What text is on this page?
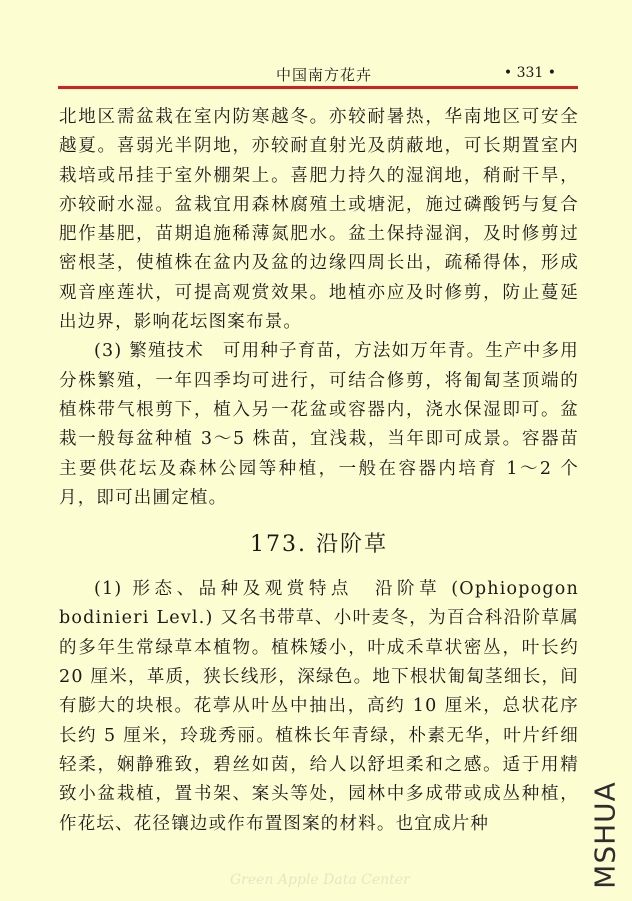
中国南方花卉	• 331 •

北地区需盆栽在室内防寒越冬。亦较耐暑热，华南地区可安全越夏。喜弱光半阴地，亦较耐直射光及荫蔽地，可长期置室内栽培或吊挂于室外棚架上。喜肥力持久的湿润地，稍耐干旱，亦较耐水湿。盆栽宜用森林腐殖土或塘泥，施过磷酸钙与复合肥作基肥，苗期追施稀薄氮肥水。盆土保持湿润，及时修剪过密根茎，使植株在盆内及盆的边缘四周长出，疏稀得体，形成观音座莲状，可提高观赏效果。地植亦应及时修剪，防止蔓延出边界，影响花坛图案布景。

(3) 繁殖技术　可用种子育苗，方法如万年青。生产中多用分株繁殖，一年四季均可进行，可结合修剪，将匍匐茎顶端的植株带气根剪下，植入另一花盆或容器内，浇水保湿即可。盆栽一般每盆种植 3～5 株苗，宜浅栽，当年即可成景。容器苗主要供花坛及森林公园等种植，一般在容器内培育 1～2 个月，即可出圃定植。

173. 沿阶草

(1) 形态、品种及观赏特点　沿阶草 (Ophiopogon bodinieri Levl.) 又名书带草、小叶麦冬，为百合科沿阶草属的多年生常绿草本植物。植株矮小，叶成禾草状密丛，叶长约 20 厘米，革质，狭长线形，深绿色。地下根状匍匐茎细长，间有膨大的块根。花葶从叶丛中抽出，高约 10 厘米，总状花序长约 5 厘米，玲珑秀丽。植株长年青绿，朴素无华，叶片纤细轻柔，娴静雅致，碧丝如茵，给人以舒坦柔和之感。适于用精致小盆栽植，置书架、案头等处，园林中多成带或成丛种植，作花坛、花径镶边或作布置图案的材料。也宜成片种

Green Apple Data Center	MSHUA
